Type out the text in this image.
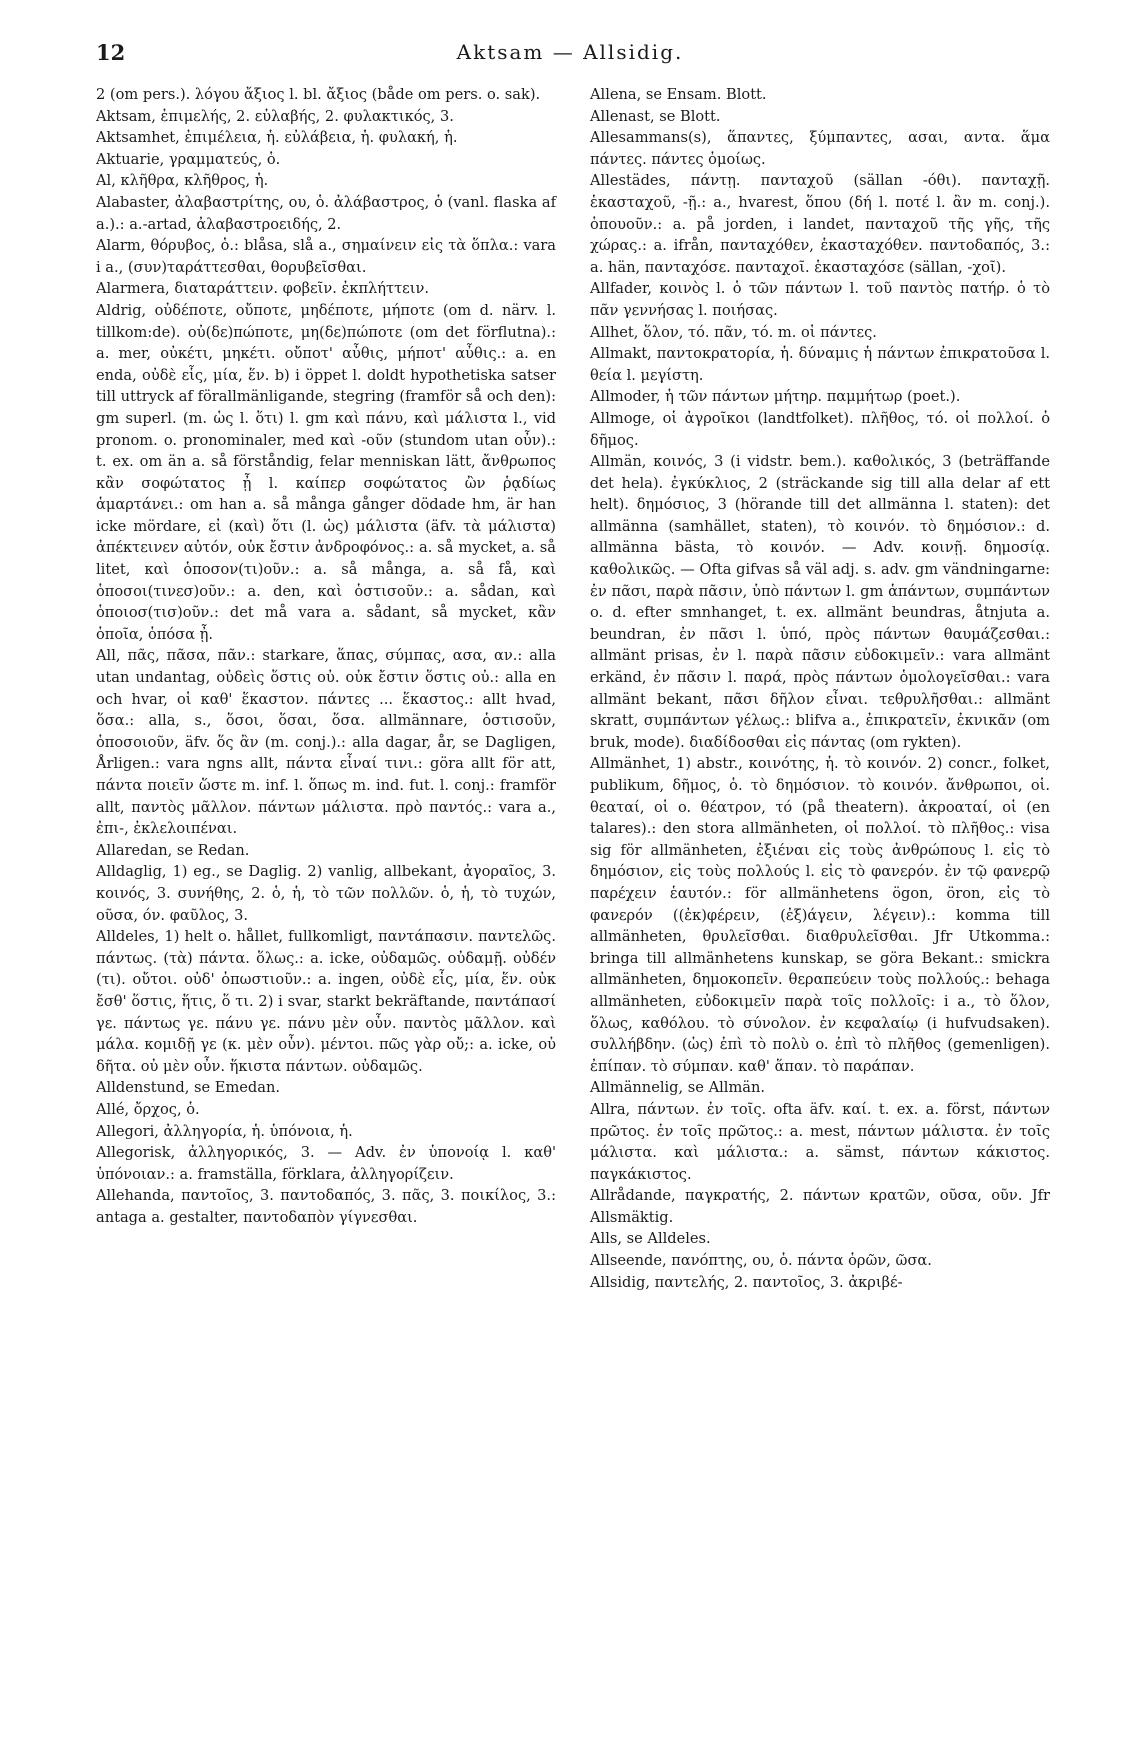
12	Aktsam — Allsidig.

2 (om pers.). λόγου ἄξιος l. bl. ἄξιος (både om pers. o. sak).

Aktsam, ἐπιμελής, 2. εὐλαβής, 2. φυλακτικός, 3.

Aktsamhet, ἐπιμέλεια, ἡ. εὐλάβεια, ἡ. φυλακή, ἡ.

Aktuarie, γραμματεύς, ὁ.

Al, κλῆθρα, κλῆθρος, ἡ.

Alabaster, ἀλαβαστρίτης, ου, ὁ. ἀλάβαστρος, ὁ (vanl. flaska af a.).: a.-artad, ἀλαβαστροειδής, 2.

Alarm, θόρυβος, ὁ.: blåsa, slå a., σημαίνειν εἰς τὰ ὅπλα.: vara i a., (συν)ταράττεσθαι, θορυβεῖσθαι.

Alarmera, διαταράττειν. φοβεῖν. ἐκπλήττειν.

Aldrig, οὐδέποτε, οὔποτε, μηδέποτε, μήποτε (om d. närv. l. tillkom:de). οὐ(δε)πώποτε, μη(δε)πώποτε (om det förflutna).: a. mer, οὐκέτι, μηκέτι. οὔποτ' αὖθις, μήποτ' αὖθις.: a. en enda, οὐδὲ εἷς, μία, ἕν. b) i öppet l. doldt hypothetiska satser till uttryck af förallmänligande, stegring (framför så och den): gm superl. (m. ὡς l. ὅτι) l. gm καὶ πάνυ, καὶ μάλιστα l., vid pronom. o. pronominaler, med καὶ -οῦν (stundom utan οὖν).: t. ex. om än a. så förståndig, felar menniskan lätt, ἄνθρωπος κἂν σοφώτατος ᾖ l. καίπερ σοφώτατος ὢν ῥᾳδίως ἁμαρτάνει.: om han a. så många gånger dödade hm, är han icke mördare, εἰ (καὶ) ὅτι (l. ὡς) μάλιστα (äfv. τὰ μάλιστα) ἀπέκτεινεν αὐτόν, οὐκ ἔστιν ἀνδροφόνος.: a. så mycket, a. så litet, καὶ ὁποσον(τι)οῦν.: a. så många, a. så få, καὶ ὁποσοι(τινεσ)οῦν.: a. den, καὶ ὁστισοῦν.: a. sådan, καὶ ὁποιοσ(τισ)οῦν.: det må vara a. sådant, så mycket, κἂν ὁποῖα, ὁπόσα ᾖ.

All, πᾶς, πᾶσα, πᾶν.: starkare, ἅπας, σύμπας, ασα, αν.: alla utan undantag, οὐδεὶς ὅστις οὐ. οὐκ ἔστιν ὅστις οὐ.: alla en och hvar, οἱ καθ' ἕκαστον. πάντες ... ἕκαστος.: allt hvad, ὅσα.: alla, s., ὅσοι, ὅσαι, ὅσα. allmännare, ὁστισοῦν, ὁποσοιοῦν, äfv. ὅς ἂν (m. conj.).: alla dagar, år, se Dagligen, Årligen.: vara ngns allt, πάντα εἶναί τινι.: göra allt för att, πάντα ποιεῖν ὥστε m. inf. l. ὅπως m. ind. fut. l. conj.: framför allt, παντὸς μᾶλλον. πάντων μάλιστα. πρὸ παντός.: vara a., ἐπι-, ἐκλελοιπέναι.

Allaredan, se Redan.

Alldaglig, 1) eg., se Daglig. 2) vanlig, allbekant, ἀγοραῖος, 3. κοινός, 3. συνήθης, 2. ὁ, ἡ, τὸ τῶν πολλῶν. ὁ, ἡ, τὸ τυχών, οῦσα, όν. φαῦλος, 3.

Alldeles, 1) helt o. hållet, fullkomligt, παντάπασιν. παντελῶς. πάντως. (τὰ) πάντα. ὅλως.: a. icke, οὐδαμῶς. οὐδαμῇ. οὐδέν (τι). οὔτοι. οὐδ' ὁπωστιοῦν.: a. ingen, οὐδὲ εἷς, μία, ἕν. οὐκ ἔσθ' ὅστις, ἥτις, ὅ τι. 2) i svar, starkt bekräftande, παντάπασί γε. πάντως γε. πάνυ γε. πάνυ μὲν οὖν. παντὸς μᾶλλον. καὶ μάλα. κομιδῇ γε (κ. μὲν οὖν). μέντοι. πῶς γὰρ οὔ;: a. icke, οὐ δῆτα. οὐ μὲν οὖν. ἥκιστα πάντων. οὐδαμῶς.

Alldenstund, se Emedan.

Allé, ὄρχος, ὁ.

Allegori, ἀλληγορία, ἡ. ὑπόνοια, ἡ.

Allegorisk, ἀλληγορικός, 3. — Adv. ἐν ὑπονοίᾳ l. καθ' ὑπόνοιαν.: a. framställa, förklara, ἀλληγορίζειν.

Allehanda, παντοῖος, 3. παντοδαπός, 3. πᾶς, 3. ποικίλος, 3.: antaga a. gestalter, παντοδαπὸν γίγνεσθαι.

Allena, se Ensam. Blott.

Allenast, se Blott.

Allesammans(s), ἅπαντες, ξύμπαντες, ασαι, αντα. ἅμα πάντες. πάντες ὁμοίως.

Allestädes, πάντῃ. πανταχοῦ (sällan -όθι). πανταχῇ. ἑκασταχοῦ, -ῇ.: a., hvarest, ὅπου (δή l. ποτέ l. ἂν m. conj.). ὁπουοῦν.: a. på jorden, i landet, πανταχοῦ τῆς γῆς, τῆς χώρας.: a. ifrån, πανταχόθεν, ἑκασταχόθεν. παντοδαπός, 3.: a. hän, πανταχόσε. πανταχοῖ. ἑκασταχόσε (sällan, -χοῖ).

Allfader, κοινὸς l. ὁ τῶν πάντων l. τοῦ παντὸς πατήρ. ὁ τὸ πᾶν γεννήσας l. ποιήσας.

Allhet, ὅλον, τό. πᾶν, τό. m. οἱ πάντες.

Allmakt, παντοκρατορία, ἡ. δύναμις ἡ πάντων ἐπικρατοῦσα l. θεία l. μεγίστη.

Allmoder, ἡ τῶν πάντων μήτηρ. παμμήτωρ (poet.).

Allmoge, οἱ ἀγροῖκοι (landtfolket). πλῆθος, τό. οἱ πολλοί. ὁ δῆμος.

Allmän, κοινός, 3 (i vidstr. bem.). καθολικός, 3 (beträffande det hela). ἐγκύκλιος, 2 (sträckande sig till alla delar af ett helt). δημόσιος, 3 (hörande till det allmänna l. staten): det allmänna (samhället, staten), τὸ κοινόν. τὸ δημόσιον.: d. allmänna bästa, τὸ κοινόν. — Adv. κοινῇ. δημοσίᾳ. καθολικῶς. — Ofta gifvas så väl adj. s. adv. gm vändningarne: ἐν πᾶσι, παρὰ πᾶσιν, ὑπὸ πάντων l. gm ἁπάντων, συμπάντων o. d. efter smnhanget, t. ex. allmänt beundras, åtnjuta a. beundran, ἐν πᾶσι l. ὑπό, πρὸς πάντων θαυμάζεσθαι.: allmänt prisas, ἐν l. παρὰ πᾶσιν εὐδοκιμεῖν.: vara allmänt erkänd, ἐν πᾶσιν l. παρά, πρὸς πάντων ὁμολογεῖσθαι.: vara allmänt bekant, πᾶσι δῆλον εἶναι. τεθρυλῆσθαι.: allmänt skratt, συμπάντων γέλως.: blifva a., ἐπικρατεῖν, ἐκνικᾶν (om bruk, mode). διαδίδοσθαι εἰς πάντας (om rykten).

Allmänhet, 1) abstr., κοινότης, ἡ. τὸ κοινόν. 2) concr., folket, publikum, δῆμος, ὁ. τὸ δημόσιον. τὸ κοινόν. ἄνθρωποι, οἱ. θεαταί, οἱ o. θέατρον, τό (på theatern). ἀκροαταί, οἱ (en talares).: den stora allmänheten, οἱ πολλοί. τὸ πλῆθος.: visa sig för allmänheten, ἐξιέναι εἰς τοὺς ἀνθρώπους l. εἰς τὸ δημόσιον, εἰς τοὺς πολλούς l. εἰς τὸ φανερόν. ἐν τῷ φανερῷ παρέχειν ἑαυτόν.: för allmänhetens ögon, öron, εἰς τὸ φανερόν ((ἐκ)φέρειν, (ἐξ)άγειν, λέγειν).: komma till allmänheten, θρυλεῖσθαι. διαθρυλεῖσθαι. Jfr Utkomma.: bringa till allmänhetens kunskap, se göra Bekant.: smickra allmänheten, δημοκοπεῖν. θεραπεύειν τοὺς πολλούς.: behaga allmänheten, εὐδοκιμεῖν παρὰ τοῖς πολλοῖς: i a., τὸ ὅλον, ὅλως, καθόλου. τὸ σύνολον. ἐν κεφαλαίῳ (i hufvudsaken). συλλήβδην. (ὡς) ἐπὶ τὸ πολὺ o. ἐπὶ τὸ πλῆθος (gemenligen). ἐπίπαν. τὸ σύμπαν. καθ' ἅπαν. τὸ παράπαν.

Allmännelig, se Allmän.

Allra, πάντων. ἐν τοῖς. ofta äfv. καί. t. ex. a. först, πάντων πρῶτος. ἐν τοῖς πρῶτος.: a. mest, πάντων μάλιστα. ἐν τοῖς μάλιστα. καὶ μάλιστα.: a. sämst, πάντων κάκιστος. παγκάκιστος.

Allrådande, παγκρατής, 2. πάντων κρατῶν, οῦσα, οῦν. Jfr Allsmäktig.

Alls, se Alldeles.

Allseende, πανόπτης, ου, ὁ. πάντα ὁρῶν, ῶσα.

Allsidig, παντελής, 2. παντοῖος, 3. ἀκριβέ-
